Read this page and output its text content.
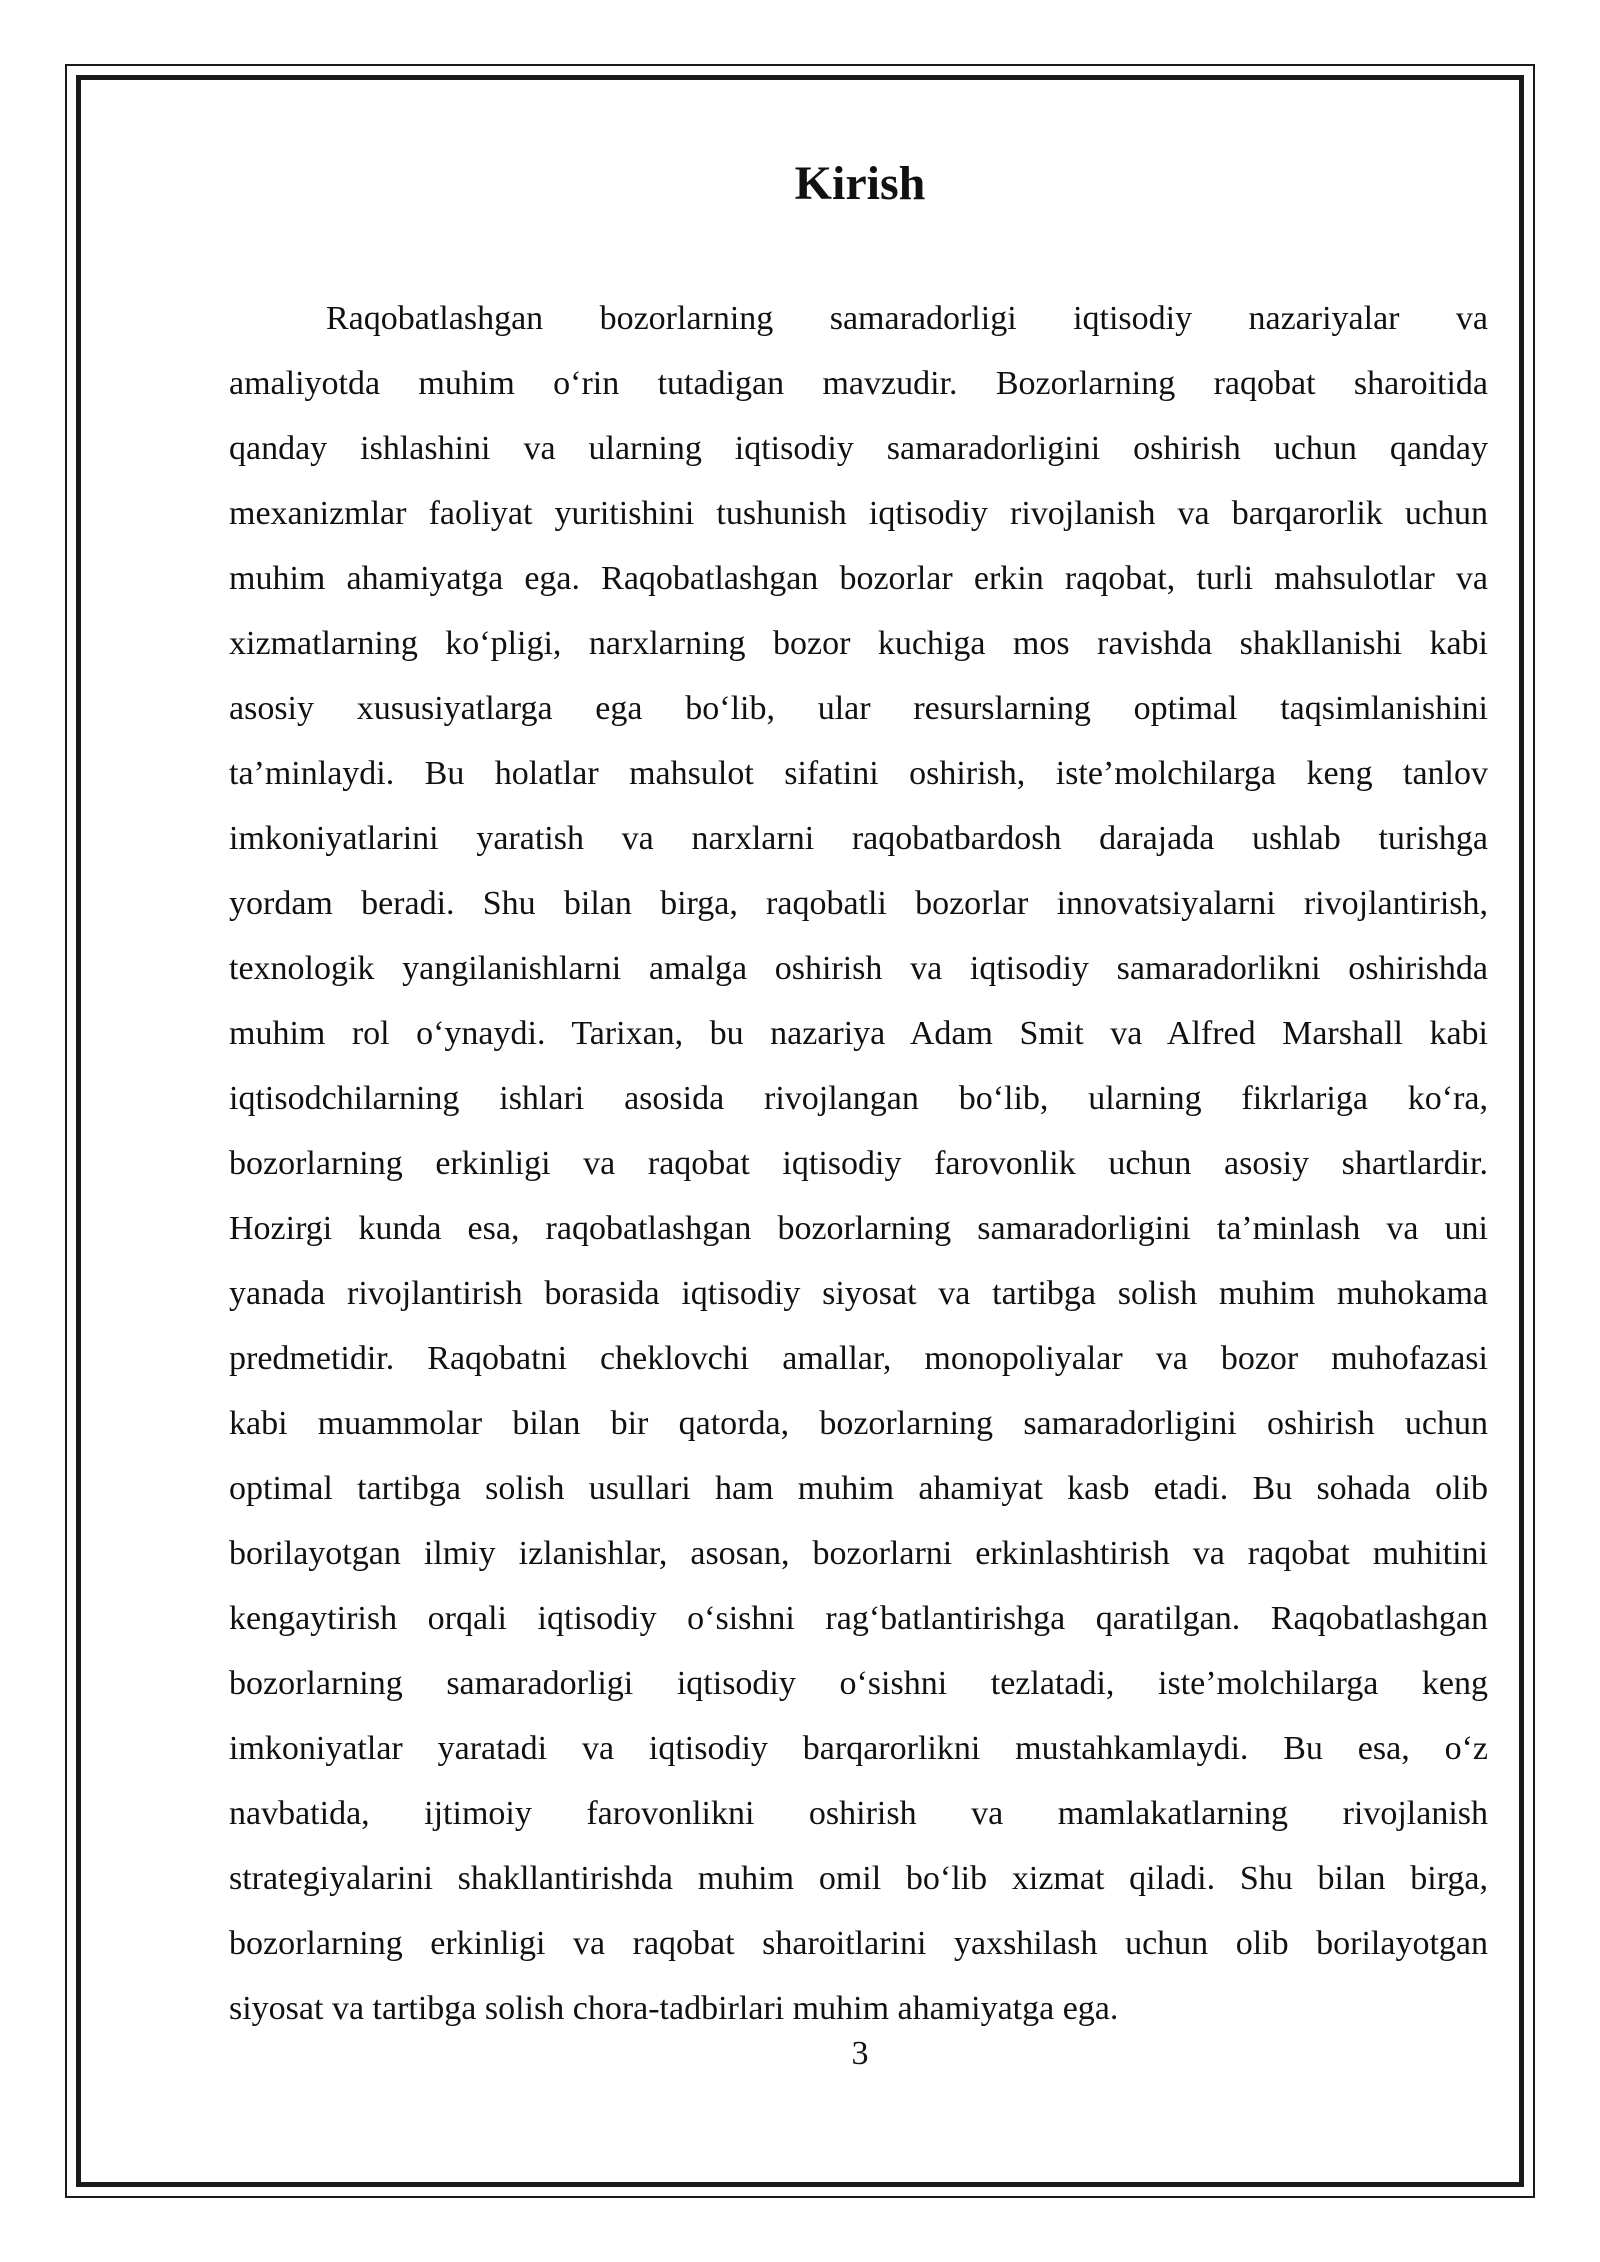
Kirish
Raqobatlashgan bozorlarning samaradorligi iqtisodiy nazariyalar va
amaliyotda muhim o‘rin tutadigan mavzudir. Bozorlarning raqobat sharoitida
qanday ishlashini va ularning iqtisodiy samaradorligini oshirish uchun qanday
mexanizmlar faoliyat yuritishini tushunish iqtisodiy rivojlanish va barqarorlik uchun
muhim ahamiyatga ega. Raqobatlashgan bozorlar erkin raqobat, turli mahsulotlar va
xizmatlarning ko‘pligi, narxlarning bozor kuchiga mos ravishda shakllanishi kabi
asosiy xususiyatlarga ega bo‘lib, ular resurslarning optimal taqsimlanishini
ta’minlaydi. Bu holatlar mahsulot sifatini oshirish, iste’molchilarga keng tanlov
imkoniyatlarini yaratish va narxlarni raqobatbardosh darajada ushlab turishga
yordam beradi. Shu bilan birga, raqobatli bozorlar innovatsiyalarni rivojlantirish,
texnologik yangilanishlarni amalga oshirish va iqtisodiy samaradorlikni oshirishda
muhim rol o‘ynaydi. Tarixan, bu nazariya Adam Smit va Alfred Marshall kabi
iqtisodchilarning ishlari asosida rivojlangan bo‘lib, ularning fikrlariga ko‘ra,
bozorlarning erkinligi va raqobat iqtisodiy farovonlik uchun asosiy shartlardir.
Hozirgi kunda esa, raqobatlashgan bozorlarning samaradorligini ta’minlash va uni
yanada rivojlantirish borasida iqtisodiy siyosat va tartibga solish muhim muhokama
predmetidir. Raqobatni cheklovchi amallar, monopoliyalar va bozor muhofazasi
kabi muammolar bilan bir qatorda, bozorlarning samaradorligini oshirish uchun
optimal tartibga solish usullari ham muhim ahamiyat kasb etadi. Bu sohada olib
borilayotgan ilmiy izlanishlar, asosan, bozorlarni erkinlashtirish va raqobat muhitini
kengaytirish orqali iqtisodiy o‘sishni rag‘batlantirishga qaratilgan. Raqobatlashgan
bozorlarning samaradorligi iqtisodiy o‘sishni tezlatadi, iste’molchilarga keng
imkoniyatlar yaratadi va iqtisodiy barqarorlikni mustahkamlaydi. Bu esa, o‘z
navbatida, ijtimoiy farovonlikni oshirish va mamlakatlarning rivojlanish
strategiyalarini shakllantirishda muhim omil bo‘lib xizmat qiladi. Shu bilan birga,
bozorlarning erkinligi va raqobat sharoitlarini yaxshilash uchun olib borilayotgan
siyosat va tartibga solish chora-tadbirlari muhim ahamiyatga ega.
3
